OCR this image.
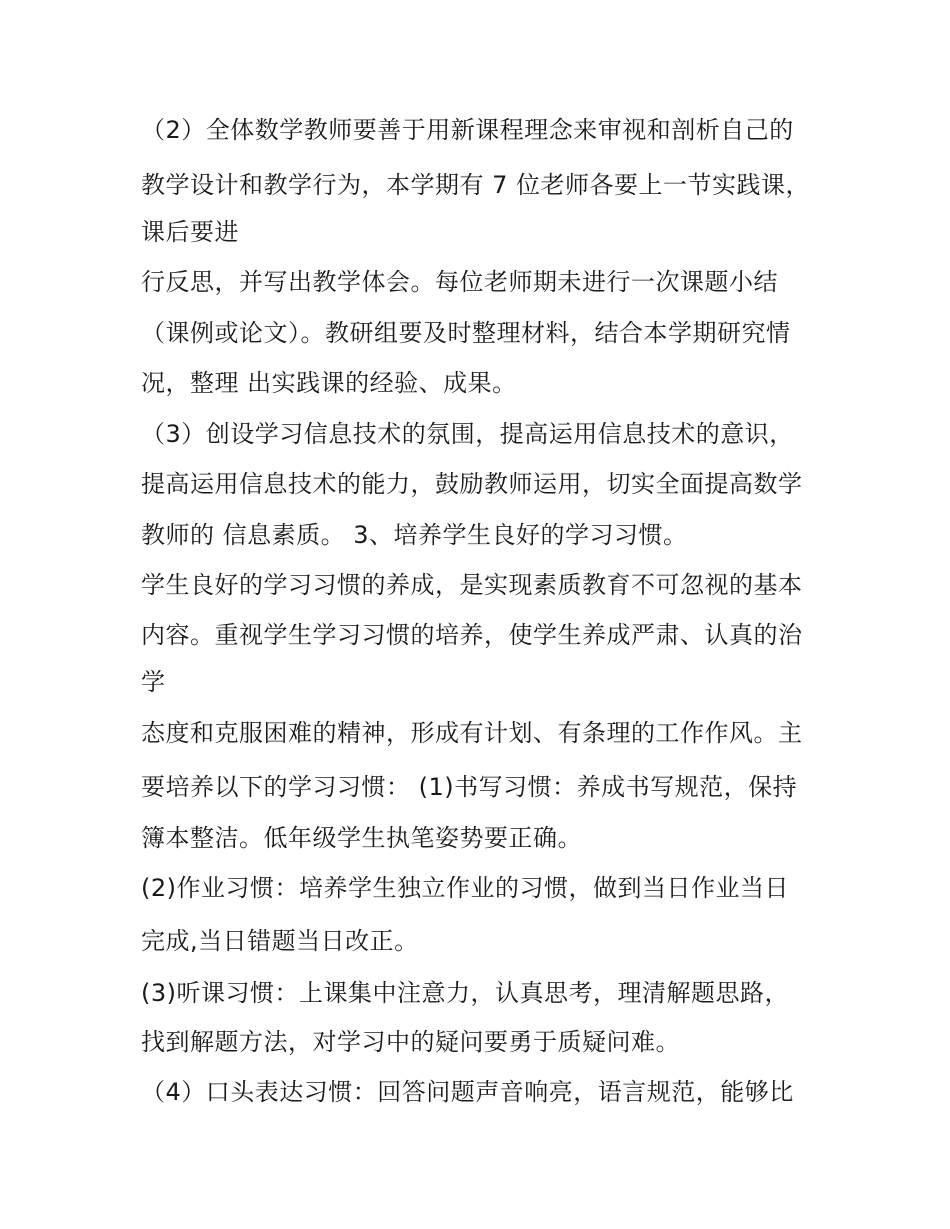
（2）全体数学教师要善于用新课程理念来审视和剖析自己的
教学设计和教学行为，本学期有 7 位老师各要上一节实践课，
课后要进
行反思，并写出教学体会。每位老师期未进行一次课题小结
（课例或论文）。教研组要及时整理材料，结合本学期研究情
况，整理 出实践课的经验、成果。
（3）创设学习信息技术的氛围，提高运用信息技术的意识，
提高运用信息技术的能力，鼓励教师运用，切实全面提高数学
教师的 信息素质。 3、培养学生良好的学习习惯。
学生良好的学习习惯的养成，是实现素质教育不可忽视的基本
内容。重视学生学习习惯的培养，使学生养成严肃、认真的治
学
态度和克服困难的精神，形成有计划、有条理的工作作风。主
要培养以下的学习习惯： (1)书写习惯：养成书写规范，保持
簿本整洁。低年级学生执笔姿势要正确。
(2)作业习惯：培养学生独立作业的习惯，做到当日作业当日
完成,当日错题当日改正。
(3)听课习惯：上课集中注意力，认真思考，理清解题思路，
找到解题方法，对学习中的疑问要勇于质疑问难。
（4）口头表达习惯：回答问题声音响亮，语言规范，能够比
